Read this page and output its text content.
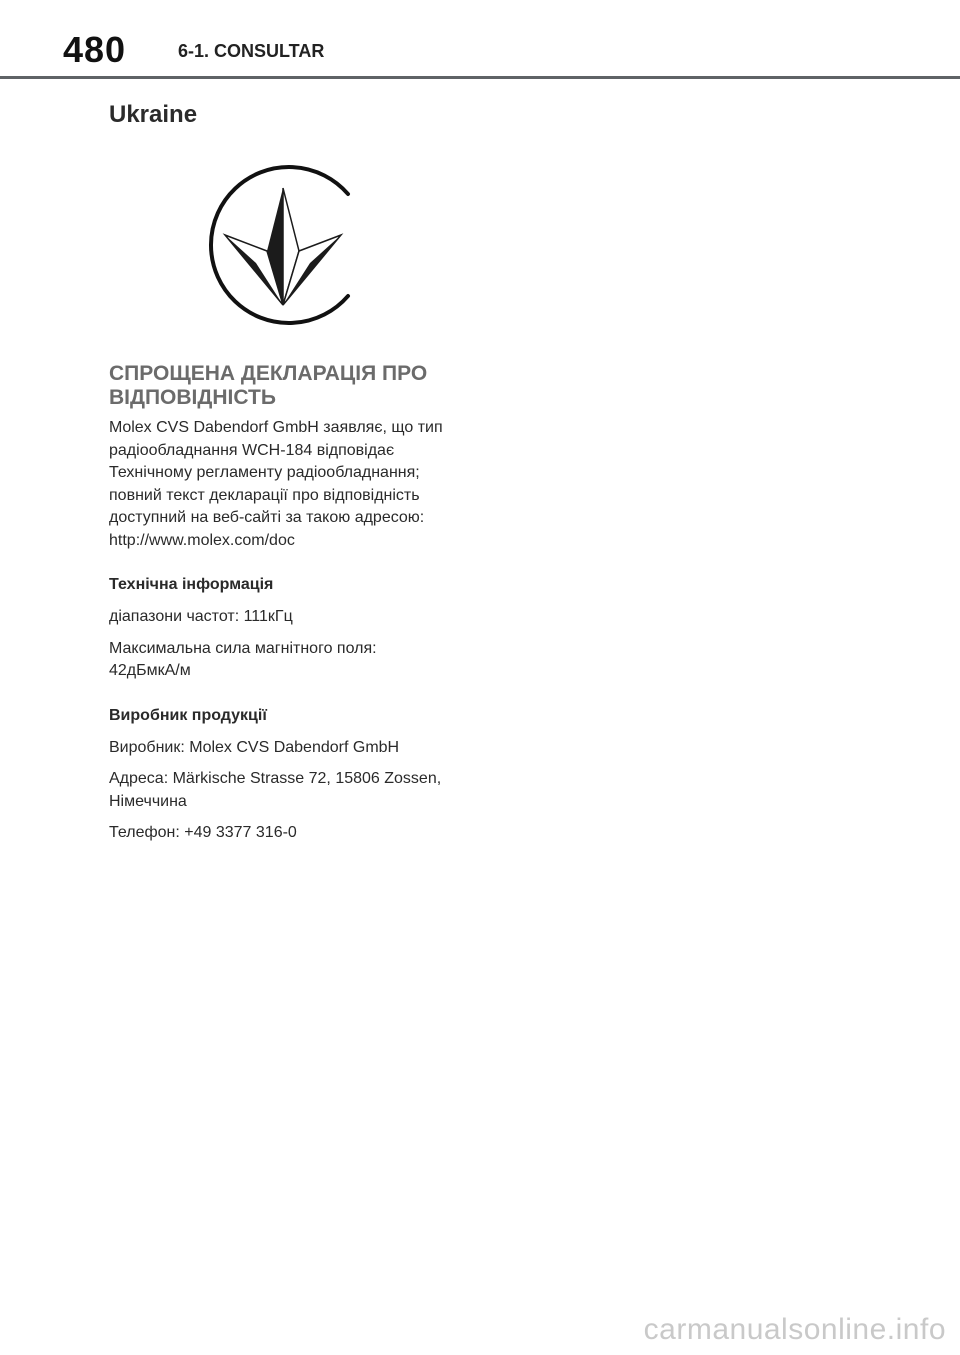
480	6-1. CONSULTAR
Ukraine
СПРОЩЕНА ДЕКЛАРАЦІЯ ПРО ВІДПОВІДНІСТЬ
Molex CVS Dabendorf GmbH заявляє, що тип
радіообладнання WCH-184 відповідає
Технічному регламенту радіообладнання;
повний текст декларації про відповідність
доступний на веб-сайті за такою адресою:
http://www.molex.com/doc
Технічна інформація
діапазони частот: 111кГц
Максимальна сила магнітного поля:
42дБмкА/м
Виробник продукції
Виробник: Molex CVS Dabendorf GmbH
Адреса: Märkische Strasse 72, 15806 Zossen,
Німеччина
Телефон: +49 3377 316-0
carmanualsonline.info
